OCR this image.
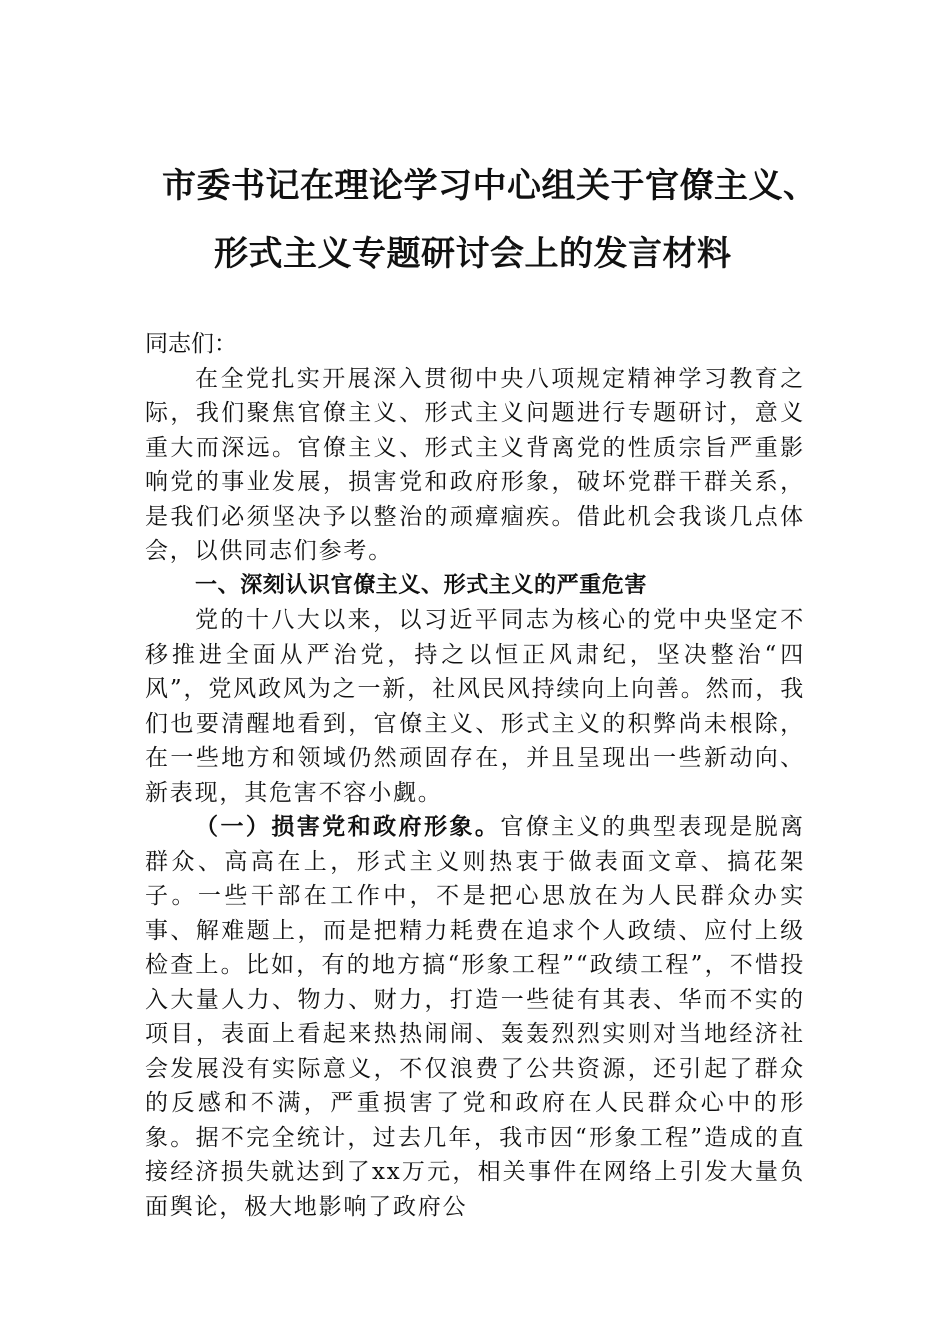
市委书记在理论学习中心组关于官僚主义、
形式主义专题研讨会上的发言材料

同志们：

在全党扎实开展深入贯彻中央八项规定精神学习教育之际，我们聚焦官僚主义、形式主义问题进行专题研讨，意义重大而深远。官僚主义、形式主义背离党的性质宗旨严重影响党的事业发展，损害党和政府形象，破坏党群干群关系，是我们必须坚决予以整治的顽瘴痼疾。借此机会我谈几点体会，以供同志们参考。

一、深刻认识官僚主义、形式主义的严重危害

党的十八大以来，以习近平同志为核心的党中央坚定不移推进全面从严治党，持之以恒正风肃纪，坚决整治“四风”，党风政风为之一新，社风民风持续向上向善。然而，我们也要清醒地看到，官僚主义、形式主义的积弊尚未根除，在一些地方和领域仍然顽固存在，并且呈现出一些新动向、新表现，其危害不容小觑。

（一）损害党和政府形象。官僚主义的典型表现是脱离群众、高高在上，形式主义则热衷于做表面文章、搞花架子。一些干部在工作中，不是把心思放在为人民群众办实事、解难题上，而是把精力耗费在追求个人政绩、应付上级检查上。比如，有的地方搞“形象工程”“政绩工程”，不惜投入大量人力、物力、财力，打造一些徒有其表、华而不实的项目，表面上看起来热热闹闹、轰轰烈烈实则对当地经济社会发展没有实际意义，不仅浪费了公共资源，还引起了群众的反感和不满，严重损害了党和政府在人民群众心中的形象。据不完全统计，过去几年，我市因“形象工程”造成的直接经济损失就达到了xx万元，相关事件在网络上引发大量负面舆论，极大地影响了政府公
